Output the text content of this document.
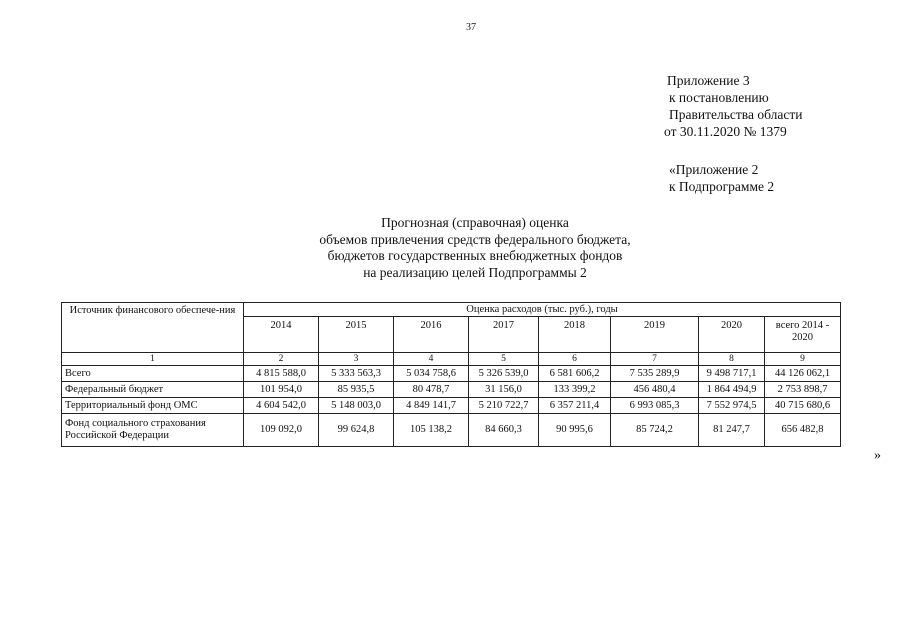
37
Приложение 3
к постановлению
Правительства области
от 30.11.2020 № 1379
«Приложение 2
к Подпрограмме 2
Прогнозная (справочная) оценка
объемов привлечения средств федерального бюджета,
бюджетов государственных внебюджетных фондов
на реализацию целей Подпрограммы 2
Источник финансового обеспече-ния	Оценка расходов (тыс. руб.), годы							
	2014	2015	2016	2017	2018	2019	2020	всего 2014 - 2020
1	2	3	4	5	6	7	8	9
Всего	4 815 588,0	5 333 563,3	5 034 758,6	5 326 539,0	6 581 606,2	7 535 289,9	9 498 717,1	44 126 062,1
Федеральный бюджет	101 954,0	85 935,5	80 478,7	31 156,0	133 399,2	456 480,4	1 864 494,9	2 753 898,7
Территориальный фонд ОМС	4 604 542,0	5 148 003,0	4 849 141,7	5 210 722,7	6 357 211,4	6 993 085,3	7 552 974,5	40 715 680,6
Фонд социального страхования Российской Федерации	109 092,0	99 624,8	105 138,2	84 660,3	90 995,6	85 724,2	81 247,7	656 482,8
»
